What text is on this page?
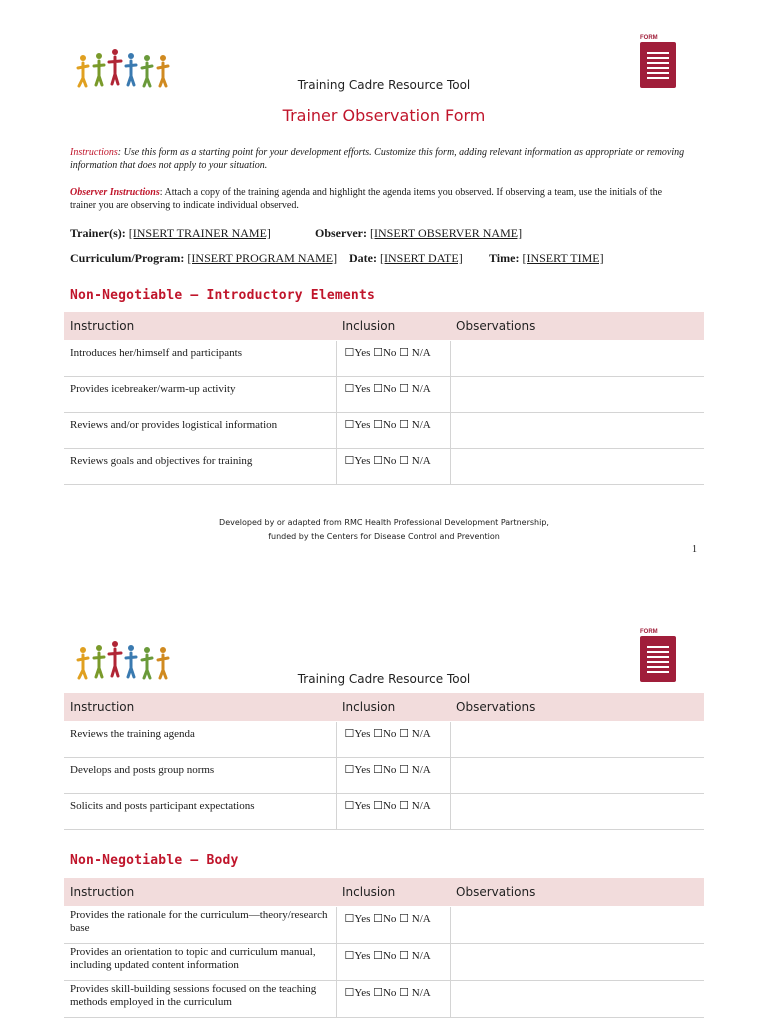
FORM
Training Cadre Resource Tool
Trainer Observation Form
Instructions: Use this form as a starting point for your development efforts. Customize this form, adding relevant information as appropriate or removing information that does not apply to your situation.
Observer Instructions: Attach a copy of the training agenda and highlight the agenda items you observed. If observing a team, use the initials of the trainer you are observing to indicate individual observed.
Trainer(s): [INSERT TRAINER NAME]	Observer: [INSERT OBSERVER NAME]
Curriculum/Program: [INSERT PROGRAM NAME] Date: [INSERT DATE] Time: [INSERT TIME]
Non-Negotiable — Introductory Elements
Instruction	Inclusion	Observations
Introduces her/himself and participants	☐Yes ☐No ☐ N/A	
Provides icebreaker/warm-up activity	☐Yes ☐No ☐ N/A	
Reviews and/or provides logistical information	☐Yes ☐No ☐ N/A	
Reviews goals and objectives for training	☐Yes ☐No ☐ N/A	
Developed by or adapted from RMC Health Professional Development Partnership,
funded by the Centers for Disease Control and Prevention
1
FORM
Training Cadre Resource Tool
Instruction	Inclusion	Observations
Reviews the training agenda	☐Yes ☐No ☐ N/A	
Develops and posts group norms	☐Yes ☐No ☐ N/A	
Solicits and posts participant expectations	☐Yes ☐No ☐ N/A	
Non-Negotiable — Body
Instruction	Inclusion	Observations
Provides the rationale for the curriculum—theory/research base	☐Yes ☐No ☐ N/A	
Provides an orientation to topic and curriculum manual, including updated content information	☐Yes ☐No ☐ N/A	
Provides skill-building sessions focused on the teaching methods employed in the curriculum	☐Yes ☐No ☐ N/A	
